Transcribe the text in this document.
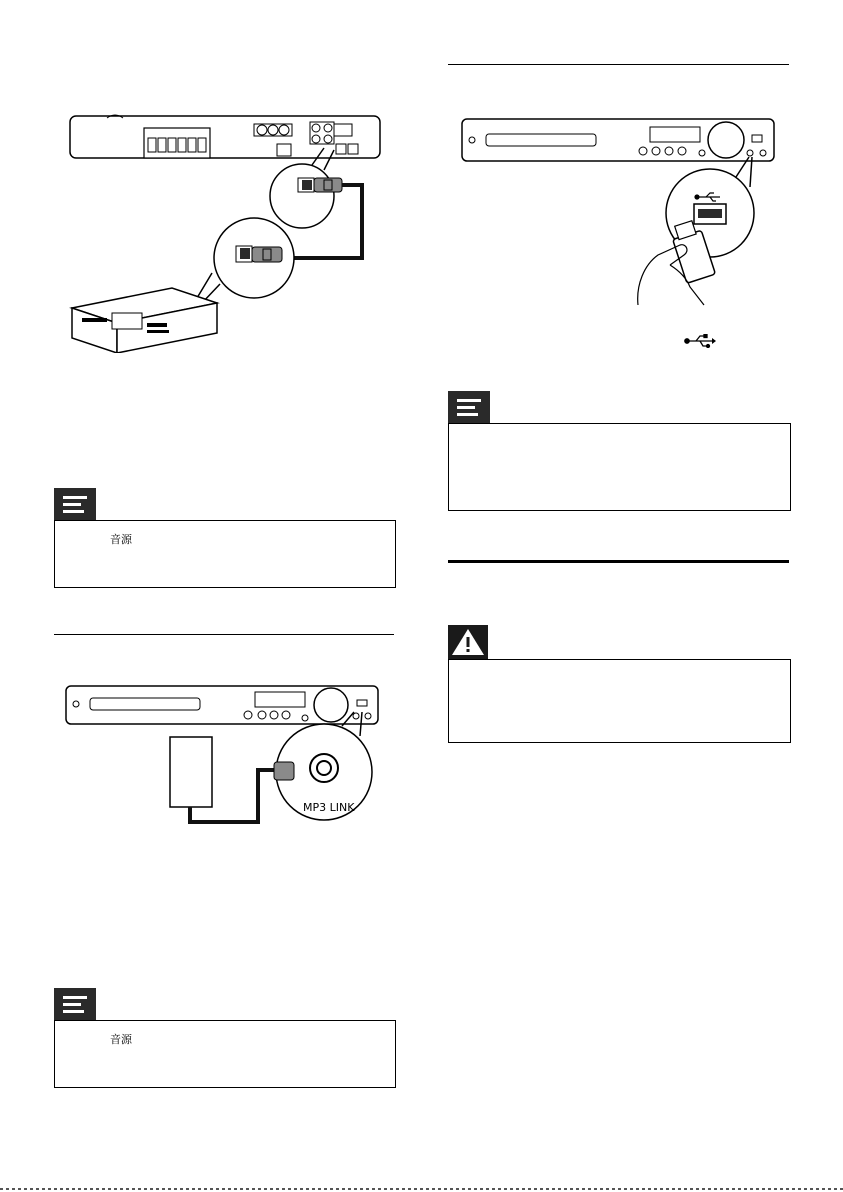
音源
MP3 LINK
音源
